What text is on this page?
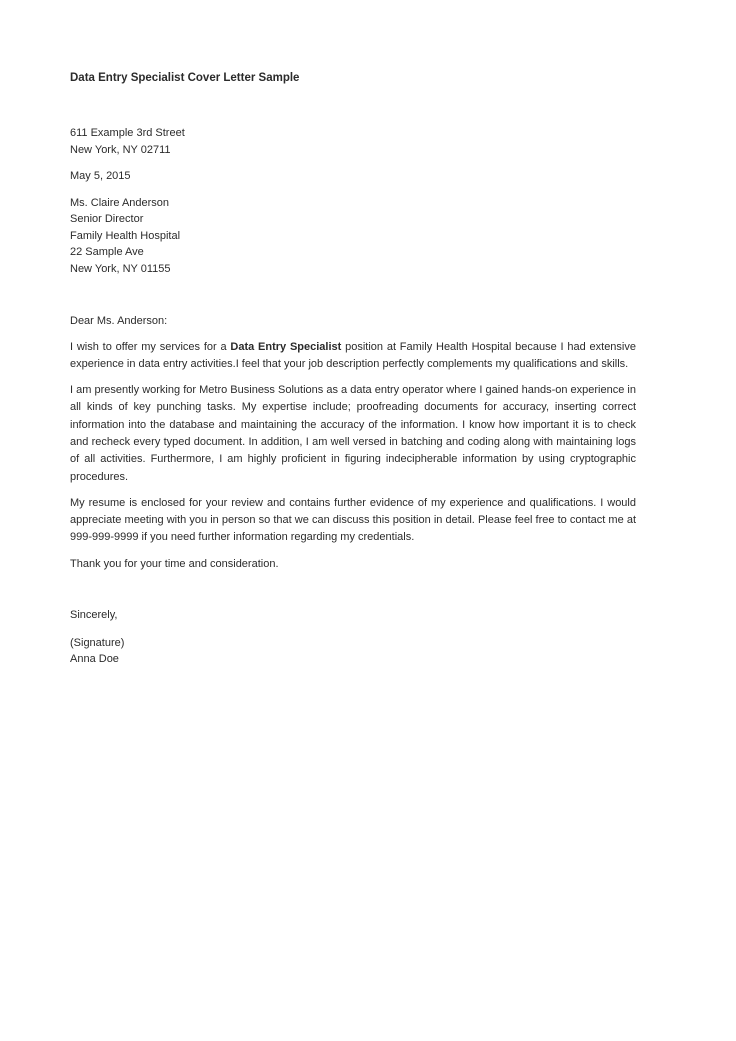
Data Entry Specialist Cover Letter Sample
611 Example 3rd Street
New York, NY 02711
May 5, 2015
Ms. Claire Anderson
Senior Director
Family Health Hospital
22 Sample Ave
New York, NY 01155
Dear Ms. Anderson:

I wish to offer my services for a Data Entry Specialist position at Family Health Hospital because I had extensive experience in data entry activities.I feel that your job description perfectly complements my qualifications and skills.

I am presently working for Metro Business Solutions as a data entry operator where I gained hands-on experience in all kinds of key punching tasks. My expertise include; proofreading documents for accuracy, inserting correct information into the database and maintaining the accuracy of the information. I know how important it is to check and recheck every typed document. In addition, I am well versed in batching and coding along with maintaining logs of all activities. Furthermore, I am highly proficient in figuring indecipherable information by using cryptographic procedures.

My resume is enclosed for your review and contains further evidence of my experience and qualifications. I would appreciate meeting with you in person so that we can discuss this position in detail. Please feel free to contact me at 999-999-9999 if you need further information regarding my credentials.

Thank you for your time and consideration.

Sincerely,
(Signature)
Anna Doe
